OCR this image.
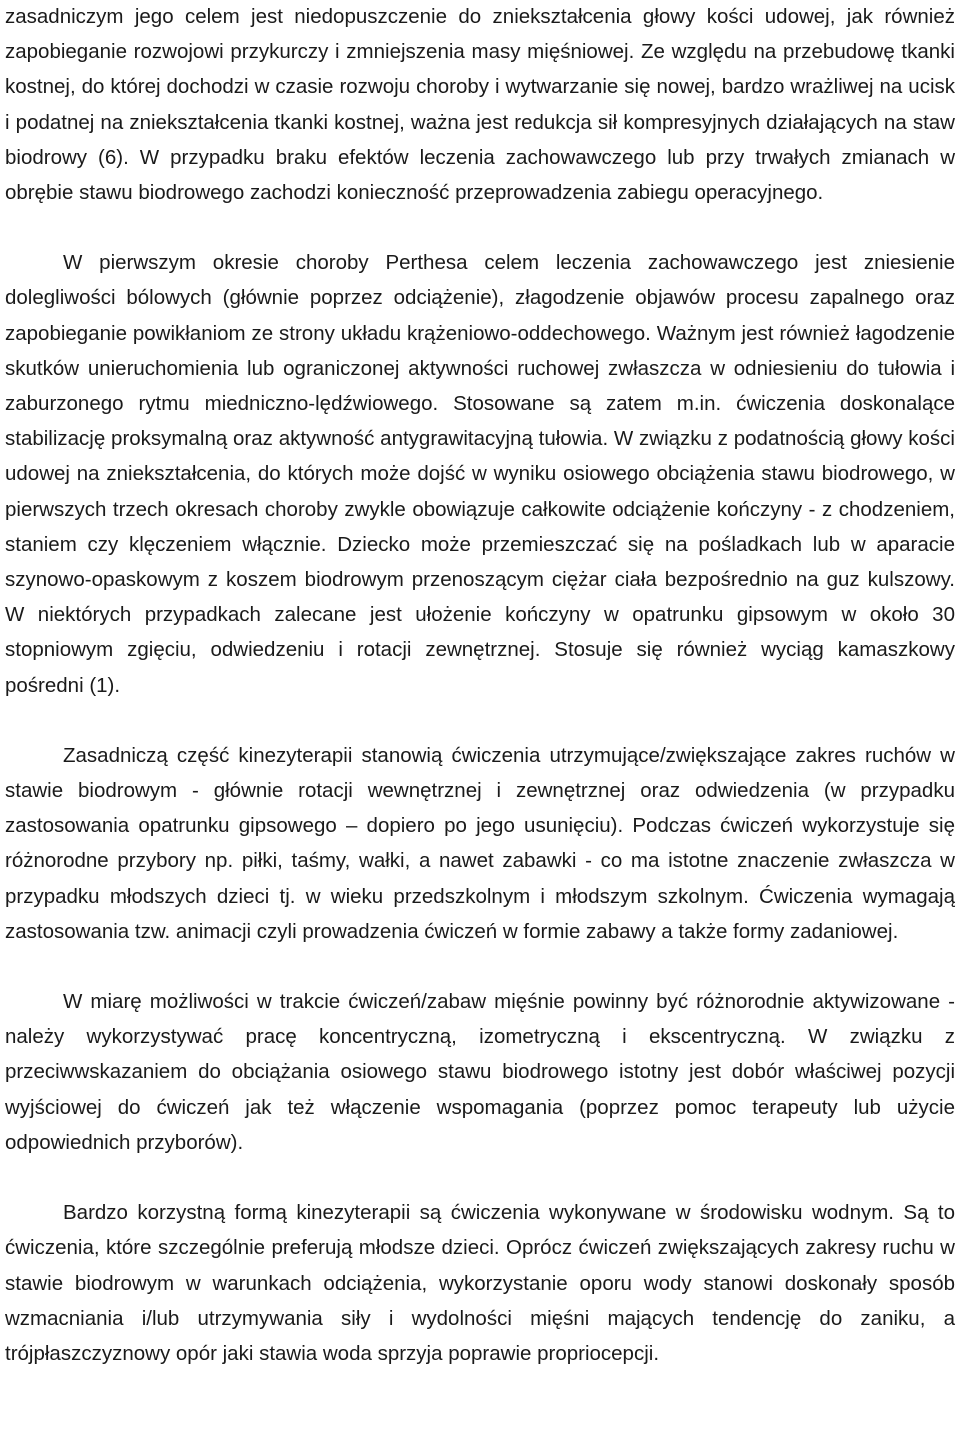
zasadniczym jego celem jest niedopuszczenie do zniekształcenia głowy kości udowej, jak również zapobieganie rozwojowi przykurczy i zmniejszenia masy mięśniowej. Ze względu na przebudowę tkanki kostnej, do której dochodzi w czasie rozwoju choroby i wytwarzanie się nowej, bardzo wrażliwej na ucisk i podatnej na zniekształcenia tkanki kostnej, ważna jest redukcja sił kompresyjnych działających na staw biodrowy (6). W przypadku braku efektów leczenia zachowawczego lub przy trwałych zmianach w obrębie stawu biodrowego zachodzi konieczność przeprowadzenia zabiegu operacyjnego.

W pierwszym okresie choroby Perthesa celem leczenia zachowawczego jest zniesienie dolegliwości bólowych (głównie poprzez odciążenie), złagodzenie objawów procesu zapalnego oraz zapobieganie powikłaniom ze strony układu krążeniowo-oddechowego. Ważnym jest również łagodzenie skutków unieruchomienia lub ograniczonej aktywności ruchowej zwłaszcza w odniesieniu do tułowia i zaburzonego rytmu miedniczno-lędźwiowego. Stosowane są zatem m.in. ćwiczenia doskonalące stabilizację proksymalną oraz aktywność antygrawitacyjną tułowia. W związku z podatnością głowy kości udowej na zniekształcenia, do których może dojść w wyniku osiowego obciążenia stawu biodrowego, w pierwszych trzech okresach choroby zwykle obowiązuje całkowite odciążenie kończyny - z chodzeniem, staniem czy klęczeniem włącznie. Dziecko może przemieszczać się na pośladkach lub w aparacie szynowo-opaskowym z koszem biodrowym przenoszącym ciężar ciała bezpośrednio na guz kulszowy. W niektórych przypadkach zalecane jest ułożenie kończyny w opatrunku gipsowym w około 30 stopniowym zgięciu, odwiedzeniu i rotacji zewnętrznej. Stosuje się również wyciąg kamaszkowy pośredni (1).

Zasadniczą część kinezyterapii stanowią ćwiczenia utrzymujące/zwiększające zakres ruchów w stawie biodrowym - głównie rotacji wewnętrznej i zewnętrznej oraz odwiedzenia (w przypadku zastosowania opatrunku gipsowego – dopiero po jego usunięciu). Podczas ćwiczeń wykorzystuje się różnorodne przybory np. piłki, taśmy, wałki, a nawet zabawki - co ma istotne znaczenie zwłaszcza w przypadku młodszych dzieci tj. w wieku przedszkolnym i młodszym szkolnym. Ćwiczenia wymagają zastosowania tzw. animacji czyli prowadzenia ćwiczeń w formie zabawy a także formy zadaniowej.

W miarę możliwości w trakcie ćwiczeń/zabaw mięśnie powinny być różnorodnie aktywizowane - należy wykorzystywać pracę koncentryczną, izometryczną i ekscentryczną. W związku z przeciwwskazaniem do obciążania osiowego stawu biodrowego istotny jest dobór właściwej pozycji wyjściowej do ćwiczeń jak też włączenie wspomagania (poprzez pomoc terapeuty lub użycie odpowiednich przyborów).

Bardzo korzystną formą kinezyterapii są ćwiczenia wykonywane w środowisku wodnym. Są to ćwiczenia, które szczególnie preferują młodsze dzieci. Oprócz ćwiczeń zwiększających zakresy ruchu w stawie biodrowym w warunkach odciążenia, wykorzystanie oporu wody stanowi doskonały sposób wzmacniania i/lub utrzymywania siły i wydolności mięśni mających tendencję do zaniku, a trójpłaszczyznowy opór jaki stawia woda sprzyja poprawie propriocepcji.
